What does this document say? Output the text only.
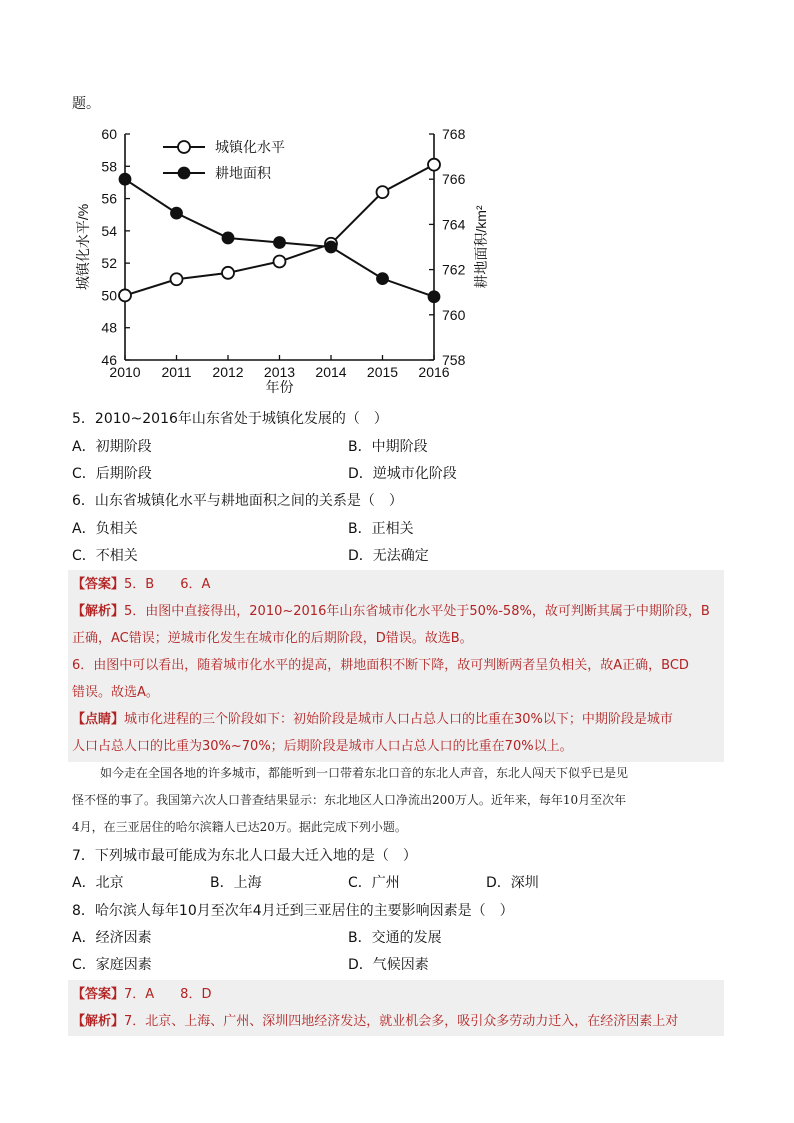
题。
46
48
50
52
54
56
58
60
758
760
762
764
766
768
2010 2011 2012 2013 2014 2015 2016
年份
城镇化水平/%	耕地面积/km²
城镇化水平
耕地面积
5．2010~2016年山东省处于城镇化发展的（　）
A．初期阶段	B．中期阶段
C．后期阶段	D．逆城市化阶段
6．山东省城镇化水平与耕地面积之间的关系是（　）
A．负相关	B．正相关
C．不相关	D．无法确定
【答案】5．B　　6．A
【解析】5．由图中直接得出，2010~2016年山东省城市化水平处于50%-58%，故可判断其属于中期阶段，B
正确，AC错误；逆城市化发生在城市化的后期阶段，D错误。故选B。
6．由图中可以看出，随着城市化水平的提高，耕地面积不断下降，故可判断两者呈负相关，故A正确，BCD
错误。故选A。
【点睛】城市化进程的三个阶段如下：初始阶段是城市人口占总人口的比重在30%以下；中期阶段是城市
人口占总人口的比重为30%~70%；后期阶段是城市人口占总人口的比重在70%以上。
如今走在全国各地的许多城市，都能听到一口带着东北口音的东北人声音，东北人闯天下似乎已是见
怪不怪的事了。我国第六次人口普查结果显示：东北地区人口净流出200万人。近年来，每年10月至次年
4月，在三亚居住的哈尔滨籍人已达20万。据此完成下列小题。
7．下列城市最可能成为东北人口最大迁入地的是（　）
A．北京	B．上海	C．广州	D．深圳
8．哈尔滨人每年10月至次年4月迁到三亚居住的主要影响因素是（　）
A．经济因素	B．交通的发展
C．家庭因素	D．气候因素
【答案】7．A　　8．D
【解析】7．北京、上海、广州、深圳四地经济发达，就业机会多，吸引众多劳动力迁入，在经济因素上对
